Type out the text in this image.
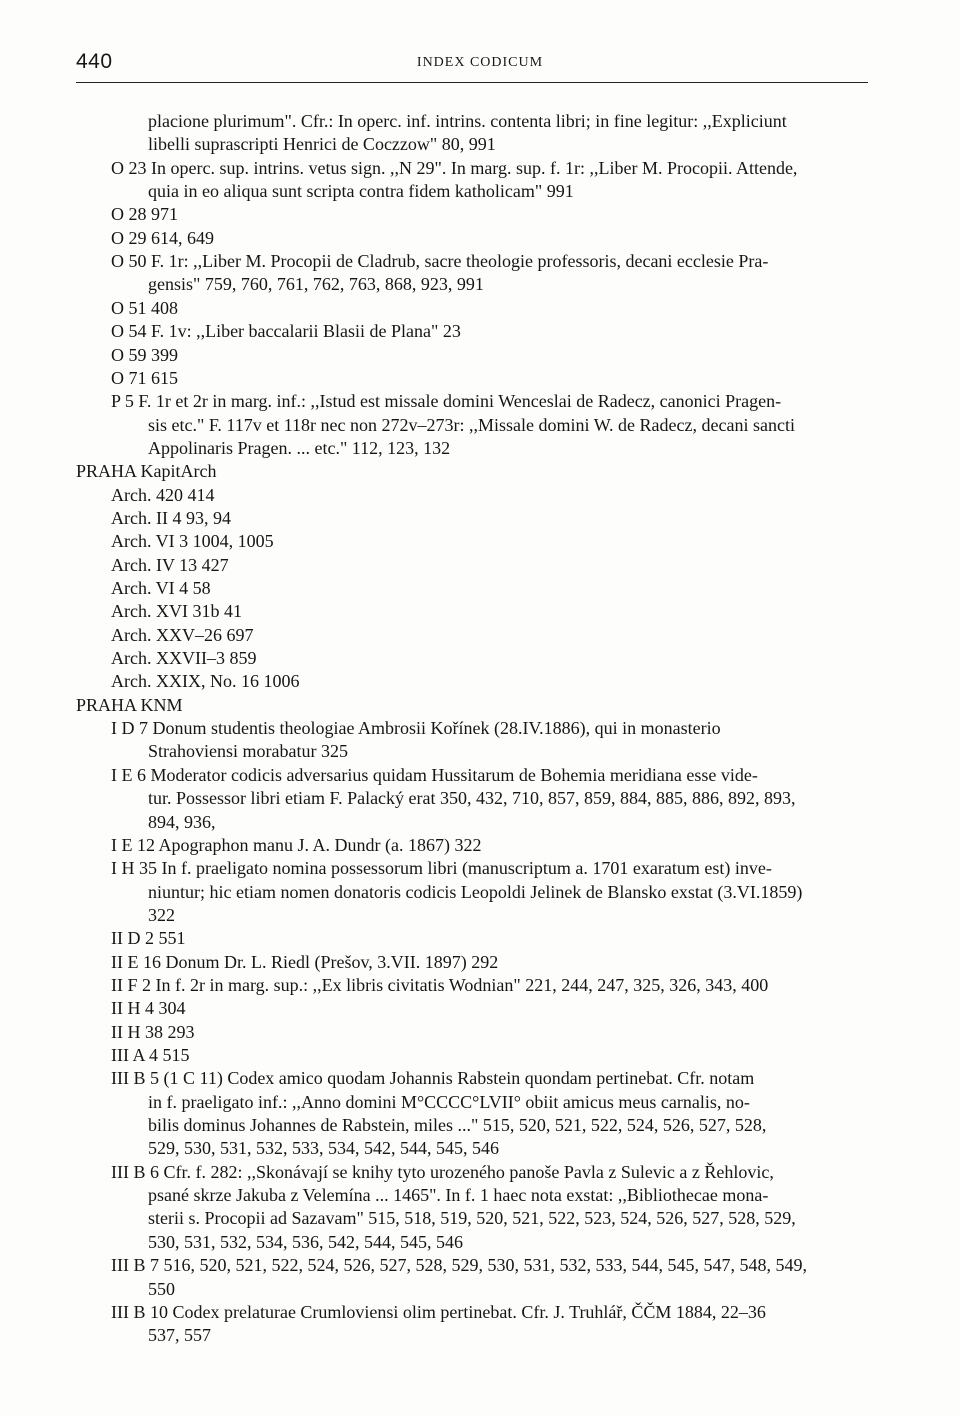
440	INDEX CODICUM
placione plurimum". Cfr.: In operc. inf. intrins. contenta libri; in fine legitur: ,,Expliciunt
libelli suprascripti Henrici de Coczzow" 80, 991
O 23 In operc. sup. intrins. vetus sign. ,,N 29". In marg. sup. f. 1r: ,,Liber M. Procopii. Attende,
quia in eo aliqua sunt scripta contra fidem katholicam" 991
O 28 971
O 29 614, 649
O 50 F. 1r: ,,Liber M. Procopii de Cladrub, sacre theologie professoris, decani ecclesie Pra-
gensis" 759, 760, 761, 762, 763, 868, 923, 991
O 51 408
O 54 F. 1v: ,,Liber baccalarii Blasii de Plana" 23
O 59 399
O 71 615
P 5 F. 1r et 2r in marg. inf.: ,,Istud est missale domini Wenceslai de Radecz, canonici Pragen-
sis etc." F. 117v et 118r nec non 272v–273r: ,,Missale domini W. de Radecz, decani sancti
Appolinaris Pragen. ... etc." 112, 123, 132
PRAHA KapitArch
Arch. 420 414
Arch. II 4 93, 94
Arch. VI 3 1004, 1005
Arch. IV 13 427
Arch. VI 4 58
Arch. XVI 31b 41
Arch. XXV–26 697
Arch. XXVII–3 859
Arch. XXIX, No. 16 1006
PRAHA KNM
I D 7 Donum studentis theologiae Ambrosii Kořínek (28.IV.1886), qui in monasterio
Strahoviensi morabatur 325
I E 6 Moderator codicis adversarius quidam Hussitarum de Bohemia meridiana esse vide-
tur. Possessor libri etiam F. Palacký erat 350, 432, 710, 857, 859, 884, 885, 886, 892, 893,
894, 936,
I E 12 Apographon manu J. A. Dundr (a. 1867) 322
I H 35 In f. praeligato nomina possessorum libri (manuscriptum a. 1701 exaratum est) inve-
niuntur; hic etiam nomen donatoris codicis Leopoldi Jelinek de Blansko exstat (3.VI.1859)
322
II D 2 551
II E 16 Donum Dr. L. Riedl (Prešov, 3.VII. 1897) 292
II F 2 In f. 2r in marg. sup.: ,,Ex libris civitatis Wodnian" 221, 244, 247, 325, 326, 343, 400
II H 4 304
II H 38 293
III A 4 515
III B 5 (1 C 11) Codex amico quodam Johannis Rabstein quondam pertinebat. Cfr. notam
in f. praeligato inf.: ,,Anno domini M°CCCC°LVII° obiit amicus meus carnalis, no-
bilis dominus Johannes de Rabstein, miles ..." 515, 520, 521, 522, 524, 526, 527, 528,
529, 530, 531, 532, 533, 534, 542, 544, 545, 546
III B 6 Cfr. f. 282: ,,Skonávají se knihy tyto urozeného panoše Pavla z Sulevic a z Řehlovic,
psané skrze Jakuba z Velemína ... 1465". In f. 1 haec nota exstat: ,,Bibliothecae mona-
sterii s. Procopii ad Sazavam" 515, 518, 519, 520, 521, 522, 523, 524, 526, 527, 528, 529,
530, 531, 532, 534, 536, 542, 544, 545, 546
III B 7 516, 520, 521, 522, 524, 526, 527, 528, 529, 530, 531, 532, 533, 544, 545, 547, 548, 549,
550
III B 10 Codex prelaturae Crumloviensi olim pertinebat. Cfr. J. Truhlář, ČČM 1884, 22–36
537, 557
